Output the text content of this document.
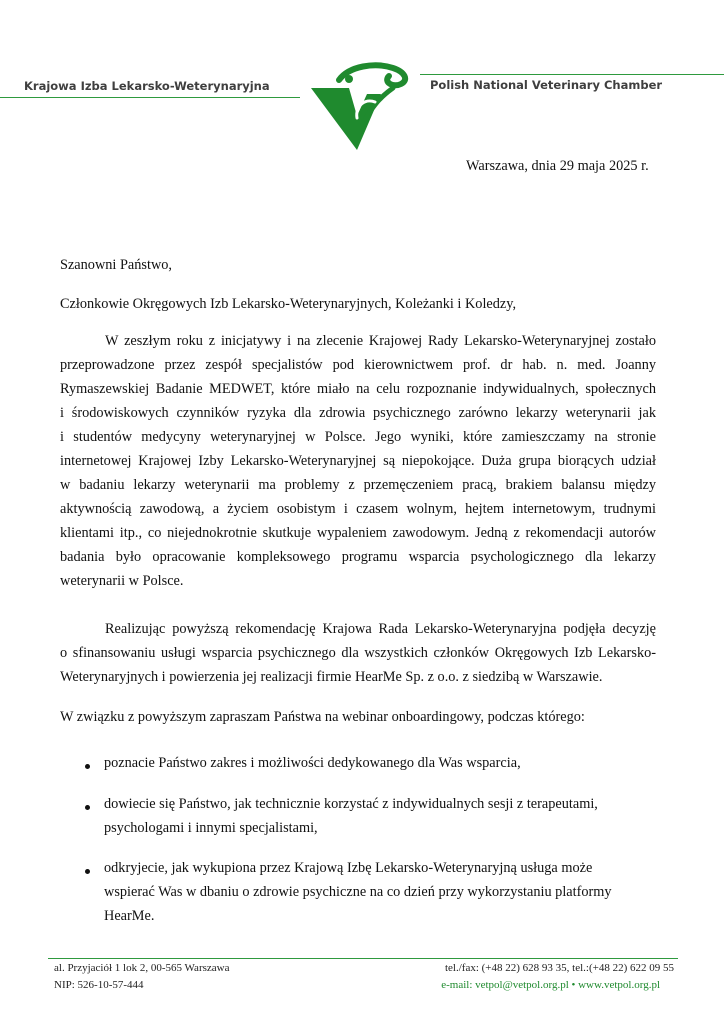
Krajowa Izba Lekarsko-Weterynaryjna	Polish National Veterinary Chamber
Warszawa, dnia 29 maja 2025 r.
Szanowni Państwo,
Członkowie Okręgowych Izb Lekarsko-Weterynaryjnych, Koleżanki i Koledzy,
W zeszłym roku z inicjatywy i na zlecenie Krajowej Rady Lekarsko-Weterynaryjnej zostało
przeprowadzone przez zespół specjalistów pod kierownictwem prof. dr hab. n. med. Joanny
Rymaszewskiej Badanie MEDWET, które miało na celu rozpoznanie indywidualnych, społecznych
i środowiskowych czynników ryzyka dla zdrowia psychicznego zarówno lekarzy weterynarii jak
i studentów medycyny weterynaryjnej w Polsce. Jego wyniki, które zamieszczamy na stronie
internetowej Krajowej Izby Lekarsko-Weterynaryjnej są niepokojące. Duża grupa biorących udział
w badaniu lekarzy weterynarii ma problemy z przemęczeniem pracą, brakiem balansu między
aktywnością zawodową, a życiem osobistym i czasem wolnym, hejtem internetowym, trudnymi
klientami itp., co niejednokrotnie skutkuje wypaleniem zawodowym. Jedną z rekomendacji autorów
badania było opracowanie kompleksowego programu wsparcia psychologicznego dla lekarzy
weterynarii w Polsce.
Realizując powyższą rekomendację Krajowa Rada Lekarsko-Weterynaryjna podjęła decyzję
o sfinansowaniu usługi wsparcia psychicznego dla wszystkich członków Okręgowych Izb Lekarsko-
Weterynaryjnych i powierzenia jej realizacji firmie HearMe Sp. z o.o. z siedzibą w Warszawie.
W związku z powyższym zapraszam Państwa na webinar onboardingowy, podczas którego:
poznacie Państwo zakres i możliwości dedykowanego dla Was wsparcia,
dowiecie się Państwo, jak technicznie korzystać z indywidualnych sesji z terapeutami,
psychologami i innymi specjalistami,
odkryjecie, jak wykupiona przez Krajową Izbę Lekarsko-Weterynaryjną usługa może
wspierać Was w dbaniu o zdrowie psychiczne na co dzień przy wykorzystaniu platformy
HearMe.
al. Przyjaciół 1 lok 2, 00-565 Warszawa
NIP: 526-10-57-444
tel./fax: (+48 22) 628 93 35, tel.:(+48 22) 622 09 55
e-mail: vetpol@vetpol.org.pl • www.vetpol.org.pl
